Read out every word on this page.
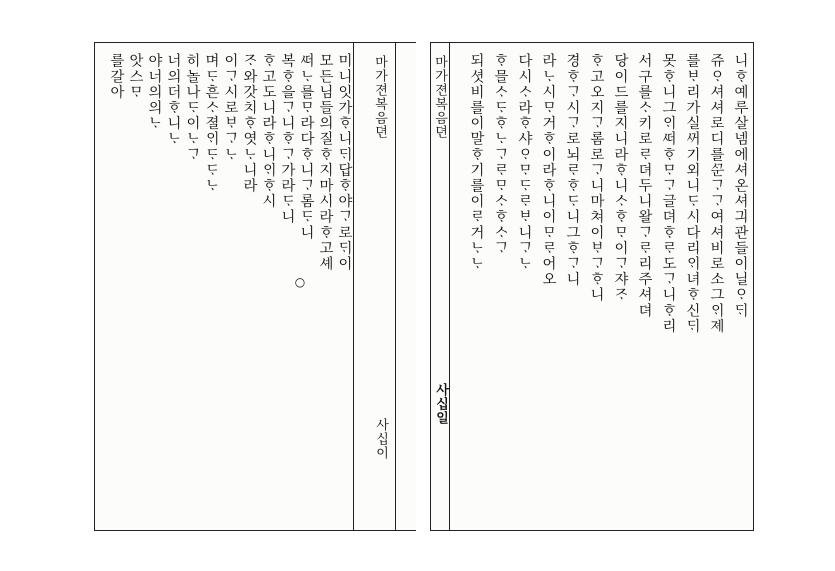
마가젼복음뎐
사십이
미니잇가ᄒᆞ니ᄃᆡ답ᄒᆞ야ᄀᆞ로ᄃᆡ이
모든님들의질ᄒᆞ지마시라ᄒᆞ고셰
ᄯᅥᄂᆞ를ᄆᆞ라다ᄒᆞ니ᄀᆞ롬ᄃᆞ니
복ᄒᆞ을ᄀᆞ니ᄒᆞᄀᆞ가라ᄃᆞ니
ᄒᆞ고도니라ᄒᆞ니ᄋᆡᄒᆞ시
ᄌᆞ와갓치ᄒᆞ엿ᄂᆞ니라
이ᄀᆞ시로ᄇᆞᄀᆞᄂᆞ
며ᄃᆞ흔ᄉᆞ졀ᄋᆡᄃᆞᄃᆞᄂᆞ
히놀나ᄃᆞ이ᄂᆞᄀᆞ
너의더ᄒᆞ니ᄂᆞ
야너의의ᄂᆞ
앗스ᄆᆞ
를갈아
○
마가젼복음뎐
사십일
니ᄒᆞ예루살넴에셔온셔긔관들이닐ᄋᆞᄃᆡ
쥬ᄋᆞ셔셔로디를ᄭᅮᆫᄀᆞᄀᆞ여셔비로소그ᄋᆡ졔
를ᄇᆞ리가실ᄭᅥ기외니ᄃᆞ시다리ᄋᆡ녀ᄒᆞ신ᄃᆡ
못ᄒᆞ니그ᄋᆡᄯᅥᄒᆞᄆᆞᄀᆞ글뎌ᄒᆞᄅᆞ도ᄀᆞ니ᄒᆞ리
서구를ᄉᆞ키로ᄅᆞ뎌두니왈ᄀᆞᄅᆞ리주셔뎌
당이드를지니라ᄒᆞ니ᄉᆞᄒᆞᄆᆞ이ᄀᆞ쟈ᄌᆞ
ᄒᆞ고오지ᄀᆞ롬로ᄀᆞ니마쳐이ᄇᆞᄀᆞᄒᆞ니
경ᄒᆞᄀᆞ시ᄀᆞ로뇌ᄅᆞᄒᆞᄃᆞ니그ᄒᆞᄀᆞ니
라ᄂᆞ시ᄆᆞ거ᄒᆞ이라ᄒᆞ니이ᄆᆞᄅᆞ어오
다시ᄉᆞ라ᄒᆞ샤ᄋᆞᄆᆞᄃᆞᄅᆞᄇᆞ니ᄀᆞᄂᆞ
ᄒᆞ믈ᄉᆞᄃᆞᄒᆞᄂᆞᄀᆞᄅᆞᄆᆞᄉᆞᄒᆞᄉᆞᄀᆞ
되셧비를이말ᄒᆞ기를이ᄅᆞ거ᄂᆞᄂᆞ
